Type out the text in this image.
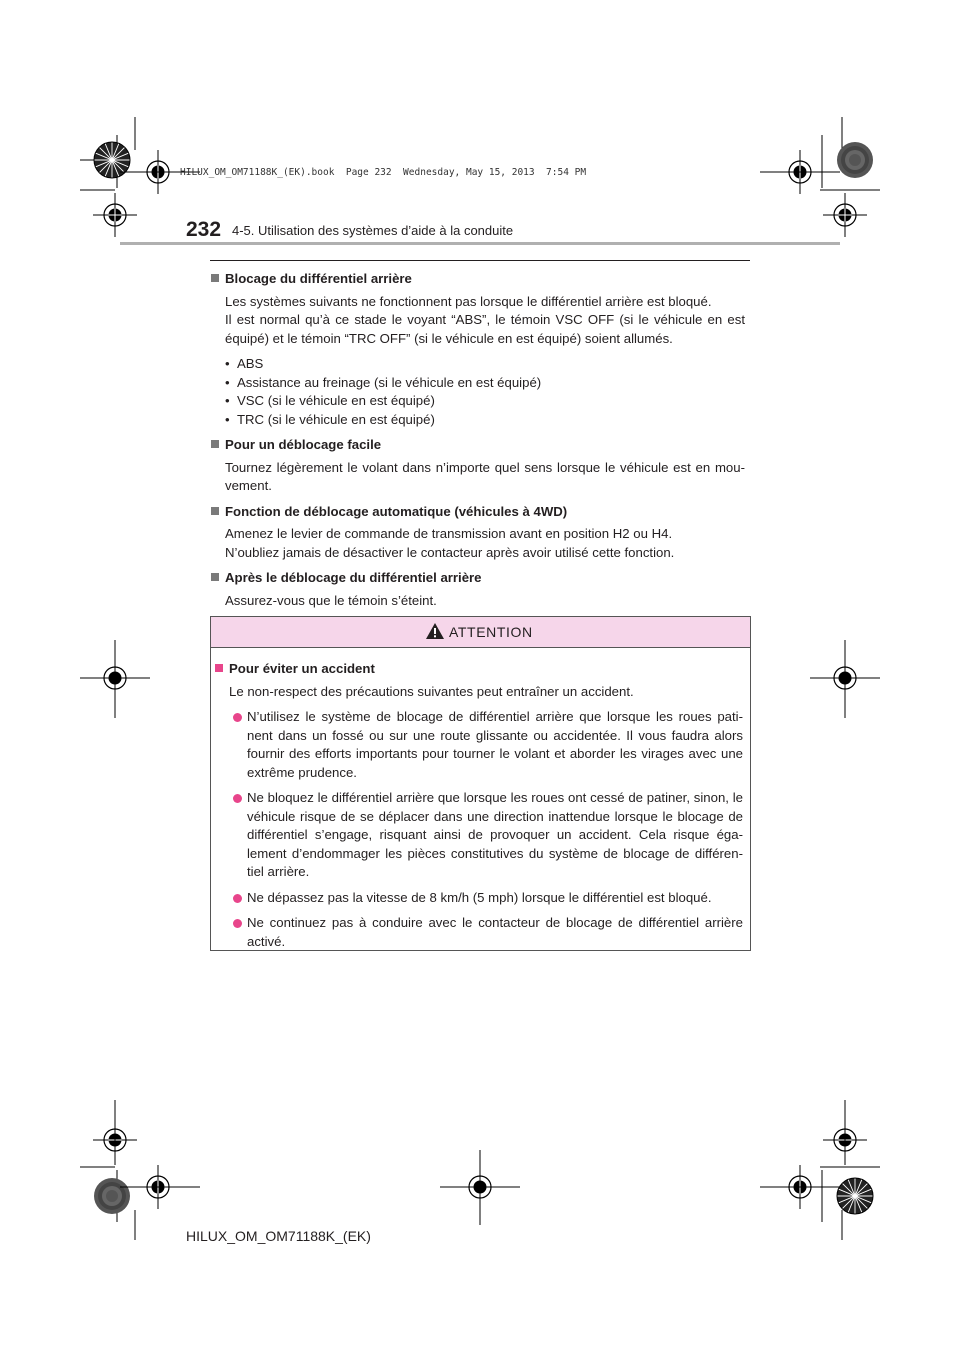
HILUX_OM_OM71188K_(EK).book  Page 232  Wednesday, May 15, 2013  7:54 PM
232 4-5. Utilisation des systèmes d’aide à la conduite
Blocage du différentiel arrière
Les systèmes suivants ne fonctionnent pas lorsque le différentiel arrière est bloqué.
Il est normal qu’à ce stade le voyant “ABS”, le témoin VSC OFF (si le véhicule en est équipé) et le témoin “TRC OFF” (si le véhicule en est équipé) soient allumés.
•  ABS
•  Assistance au freinage (si le véhicule en est équipé)
•  VSC (si le véhicule en est équipé)
•  TRC (si le véhicule en est équipé)
Pour un déblocage facile
Tournez légèrement le volant dans n’importe quel sens lorsque le véhicule est en mou-vement.
Fonction de déblocage automatique (véhicules à 4WD)
Amenez le levier de commande de transmission avant en position H2 ou H4.
N’oubliez jamais de désactiver le contacteur après avoir utilisé cette fonction.
Après le déblocage du différentiel arrière
Assurez-vous que le témoin s’éteint.
ATTENTION
Pour éviter un accident
Le non-respect des précautions suivantes peut entraîner un accident.
N’utilisez le système de blocage de différentiel arrière que lorsque les roues pati-nent dans un fossé ou sur une route glissante ou accidentée. Il vous faudra alors fournir des efforts importants pour tourner le volant et aborder les virages avec une extrême prudence.
Ne bloquez le différentiel arrière que lorsque les roues ont cessé de patiner, sinon, le véhicule risque de se déplacer dans une direction inattendue lorsque le blocage de différentiel s’engage, risquant ainsi de provoquer un accident. Cela risque éga-lement d’endommager les pièces constitutives du système de blocage de différen-tiel arrière.
Ne dépassez pas la vitesse de 8 km/h (5 mph) lorsque le différentiel est bloqué.
Ne continuez pas à conduire avec le contacteur de blocage de différentiel arrière activé.
HILUX_OM_OM71188K_(EK)
